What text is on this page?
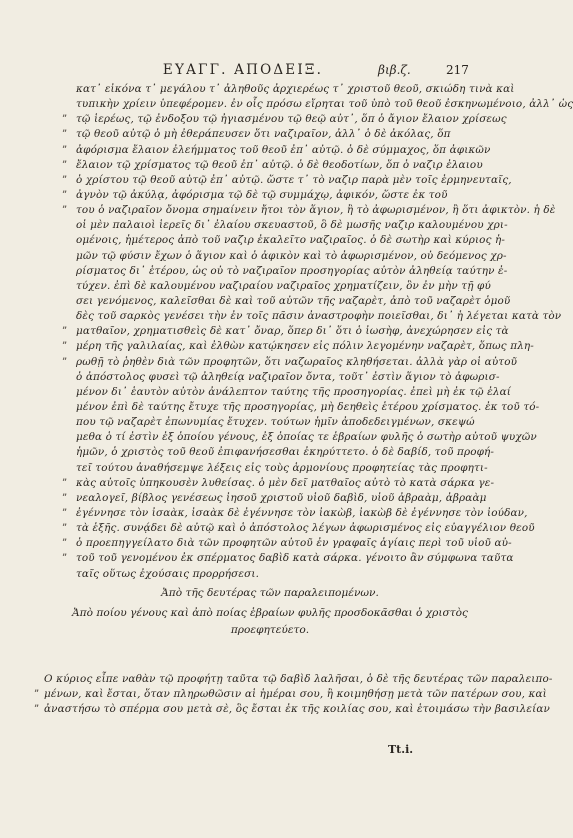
ΕΥΑΓΓ. ΑΠΟΔΕΙΞ.	βιβ.ζ.	217
κατ᾽ εἰκόνα τ᾽ μεγάλου τ᾽ ἀληθοῦς ἀρχιερέως τ᾽ χριστοῦ θεοῦ, σκιώδη τινὰ καὶ
τυπικὴν χρίειν ὑπεφέρομεν. ἐν οἷς πρόσω εἴρηται τοῦ ὑπὸ τοῦ θεοῦ ἐσκηνωμένοιο, ἀλλ᾽ ὡς
” τῷ ἱερέως, τῷ ἐνδοξου τῷ ἠγιασμένου τῷ θεῷ αὐτ᾽, ὅπ ὁ ἄγιον ἔλαιον χρίσεως
” τῷ θεοῦ αὐτῷ ὁ μὴ ἐθεράπευσεν ὅτι ναζιραῖον, ἀλλ᾽ ὁ δὲ ἀκόλας, ὅπ
” ἀφόρισμα ἔλαιον ἐλεήμματος τοῦ θεοῦ ἐπ᾽ αὐτῷ. ὁ δὲ σύμμαχος, ὅπ ἀφικῶν
” ἔλαιον τῷ χρίσματος τῷ θεοῦ ἐπ᾽ αὐτῷ. ὁ δὲ θεοδοτίων, ὅπ ὁ ναζιρ ἐλαιου
” ὁ χρίστου τῷ θεοῦ αὐτῷ ἐπ᾽ αὐτῷ. ὥστε τ᾽ τὸ ναζιρ παρὰ μὲν τοῖς ἑρμηνευταῖς,
” ἀγνὸν τῷ ἀκύλᾳ, ἀφόρισμα τῷ δὲ τῷ συμμάχῳ, ἀφικόν, ὥστε ἐκ τοῦ
” του ὁ ναζιραῖον ὄνομα σημαίνειν ἤτοι τὸν ἅγιον, ἢ τὸ ἀφωρισμένον, ἢ ὅτι ἀφικτὸν. ἡ δὲ
οἱ μὲν παλαιοὶ ἱερεῖς δι᾽ ἐλαίου σκευαστοῦ, ὃ δὲ μωσῆς ναζιρ καλουμένου χρι-
ομένοις, ἡμέτερος ἀπὸ τοῦ ναζιρ ἐκαλεῖτο ναζιραῖος. ὁ δὲ σωτὴρ καὶ κύριος ἡ-
μῶν τῷ φύσιν ἔχων ὁ ἅγιον καὶ ὁ ἀφικὸν καὶ τὸ ἀφωρισμένον, οὐ δεόμενος χρ-
ρίσματος δι᾽ ἑτέρου, ὡς οὐ τὸ ναζιραῖον προσηγορίας αὐτὸν ἀληθείᾳ ταύτην ἐ-
τύχεν. ἐπὶ δὲ καλουμένου ναζιραίου ναζιραῖος χρηματίζειν, ὃν ἐν μὴν τῇ φύ
σει γενόμενος, καλεῖσθαι δὲ καὶ τοῦ αὐτῶν τῆς ναζαρὲτ, ἀπὸ τοῦ ναζαρὲτ ὁμοῦ
δὲς τοῦ σαρκὸς γενέσει τὴν ἐν τοῖς πᾶσιν ἀναστροφὴν ποιεῖσθαι, δι᾽ ἡ λέγεται κατὰ τὸν
” ματθαῖον, χρηματισθεὶς δὲ κατ᾽ ὄναρ, ὅπερ δι᾽ ὅτι ὁ ἰωσὴφ, ἀνεχώρησεν εἰς τὰ
” μέρη τῆς γαλιλαίας, καὶ ἐλθὼν κατῴκησεν εἰς πόλιν λεγομένην ναζαρὲτ, ὅπως πλη-
” ρωθῇ τὸ ῥηθὲν διὰ τῶν προφητῶν, ὅτι ναζωραῖος κληθήσεται. ἀλλὰ γὰρ οἱ αὐτοῦ
ὁ ἀπόστολος φυσεὶ τῷ ἀληθείᾳ ναζιραῖον ὄντα, τοῦτ᾽ ἐστὶν ἅγιον τὸ ἀφωρισ-
μένον δι᾽ ἑαυτὸν αὐτὸν ἀνάλεπτον ταύτης τῆς προσηγορίας. ἐπεὶ μὴ ἐκ τῷ ἐλαί
μένον ἐπὶ δὲ ταύτης ἔτυχε τῆς προσηγορίας, μὴ δεηθεὶς ἑτέρου χρίσματος. ἐκ τοῦ τό-
που τῷ ναζαρὲτ ἐπωνυμίας ἔτυχεν. τούτων ἡμῖν ἀποδεδειγμένων, σκεψώ
μεθα ὁ τί ἐστὶν ἐξ ὁποίου γένους, ἐξ ὁποίας τε ἑβραίων φυλῆς ὁ σωτὴρ αὐτοῦ ψυχῶν
ἡμῶν, ὁ χριστὸς τοῦ θεοῦ ἐπιφανήσεσθαι ἐκηρύττετο. ὁ δὲ δαβίδ, τοῦ προφή-
τεῖ τούτου ἀναθήσεμψε λέξεις εἰς τοὺς ἁρμονίους προφητείας τὰς προφητι-
” κὰς αὐτοῖς ὑπηκουσὲν λυθείσας. ὁ μὲν δεῖ ματθαῖος αὐτὸ τὸ κατὰ σάρκα γε-
” νεαλογεῖ, βίβλος γενέσεως ἰησοῦ χριστοῦ υἱοῦ δαβὶδ, υἱοῦ ἀβραὰμ, ἀβραὰμ
” ἐγέννησε τὸν ἰσαὰκ, ἰσαὰκ δὲ ἐγέννησε τὸν ἰακὼβ, ἰακὼβ δὲ ἐγέννησε τὸν ἰούδαν,
” τὰ ἑξῆς. συνᾴδει δὲ αὐτῷ καὶ ὁ ἀπόστολος λέγων ἀφωρισμένος εἰς εὐαγγέλιον θεοῦ
” ὁ προεπηγγείλατο διὰ τῶν προφητῶν αὐτοῦ ἐν γραφαῖς ἁγίαις περὶ τοῦ υἱοῦ αὐ-
” τοῦ τοῦ γενομένου ἐκ σπέρματος δαβὶδ κατὰ σάρκα. γένοιτο ἂν σύμφωνα ταῦτα
ταῖς οὕτως ἐχούσαις προρρήσεσι.
Ἀπὸ τῆς δευτέρας τῶν παραλειπομένων.
Ἀπὸ ποίου γένους καὶ ἀπὸ ποίας ἑβραίων φυλῆς προσδοκᾶσθαι ὁ χριστὸς
προεφητεύετο.
Ο κύριος εἶπε ναθὰν τῷ προφήτῃ ταῦτα τῷ δαβὶδ λαλῆσαι, ὁ δὲ τῆς δευτέρας τῶν παραλειπο-
” μένων, καὶ ἔσται, ὅταν πληρωθῶσιν αἱ ἡμέραι σου, ἢ κοιμηθήσῃ μετὰ τῶν πατέρων σου, καὶ
” ἀναστήσω τὸ σπέρμα σου μετὰ σὲ, ὃς ἔσται ἐκ τῆς κοιλίας σου, καὶ ἑτοιμάσω τὴν βασιλείαν
Tt.i.
